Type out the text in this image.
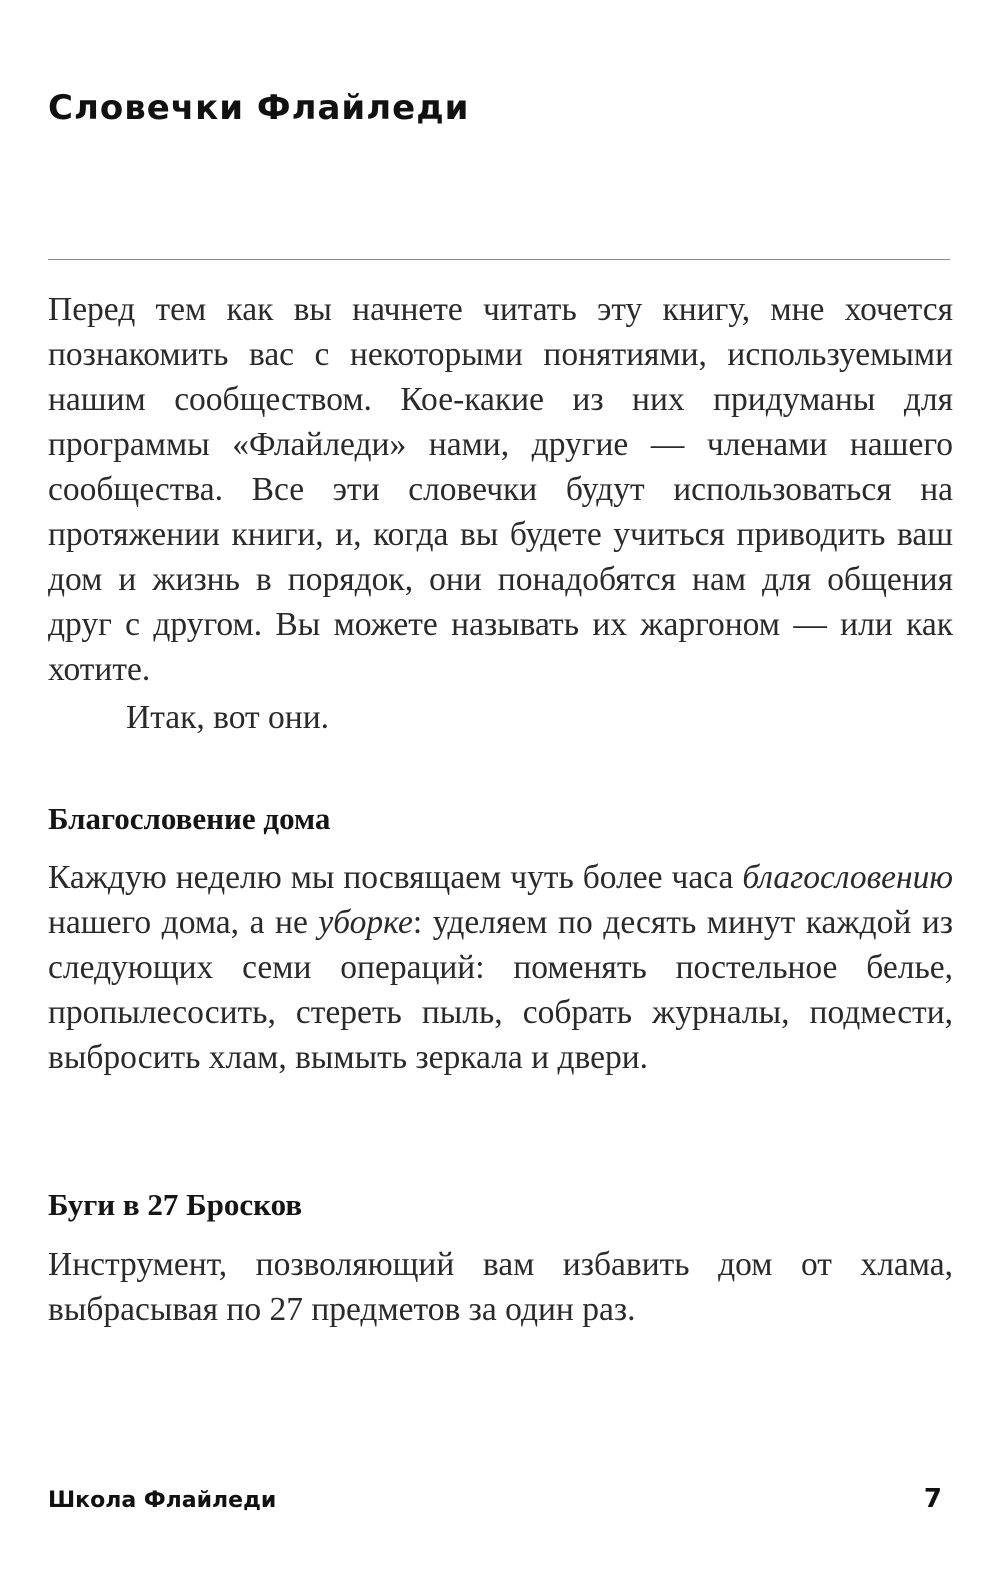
Словечки Флайледи

Перед тем как вы начнете читать эту книгу, мне хочется познакомить вас с некоторыми понятиями, используемыми нашим сообществом. Кое-какие из них придуманы для программы «Флайледи» нами, другие — членами нашего сообщества. Все эти словечки будут использоваться на протяжении книги, и, когда вы будете учиться приводить ваш дом и жизнь в порядок, они понадобятся нам для общения друг с другом. Вы можете называть их жаргоном — или как хотите.

Итак, вот они.

Благословение дома

Каждую неделю мы посвящаем чуть более часа благословению нашего дома, а не уборке: уделяем по десять минут каждой из следующих семи операций: поменять постельное белье, пропылесосить, стереть пыль, собрать журналы, подмести, выбросить хлам, вымыть зеркала и двери.

Буги в 27 Бросков

Инструмент, позволяющий вам избавить дом от хлама, выбрасывая по 27 предметов за один раз.

Школа Флайледи	7
